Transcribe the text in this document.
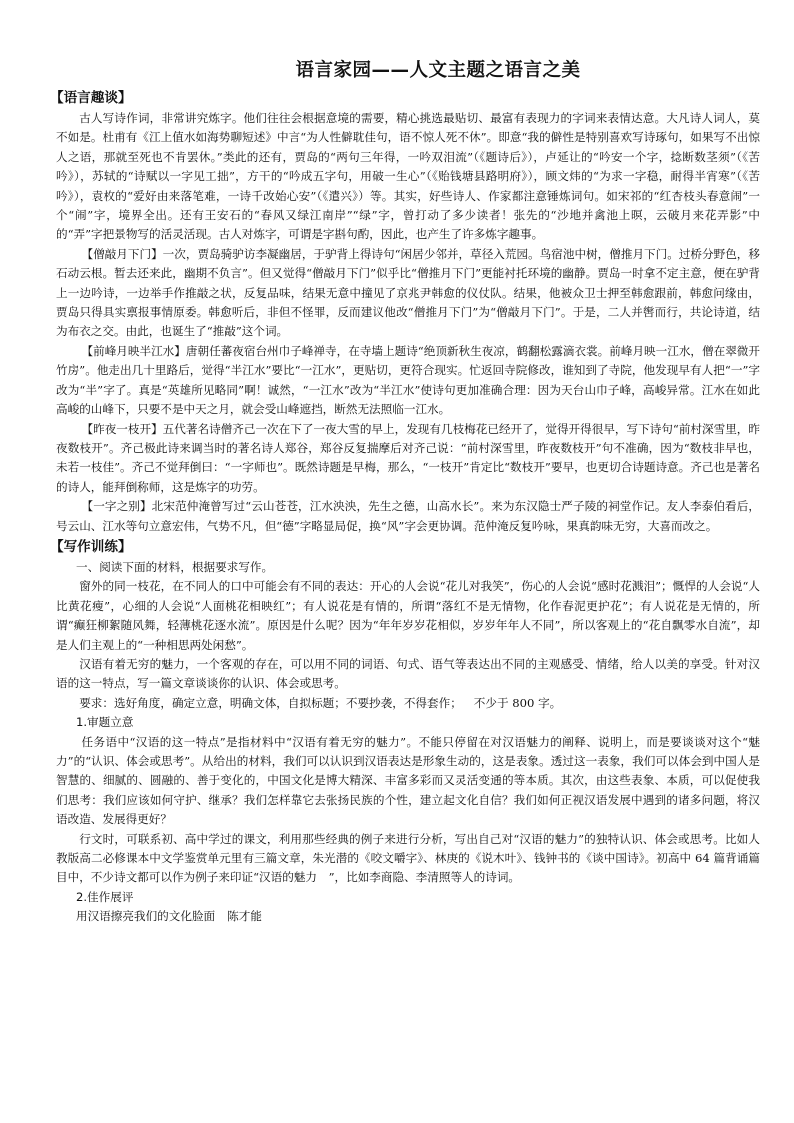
语言家园——人文主题之语言之美
【语言趣谈】

古人写诗作词，非常讲究炼字。他们往往会根据意境的需要，精心挑选最贴切、最富有表现力的字词来表情达意。大凡诗人词人，莫不如是。杜甫有《江上值水如海势聊短述》中言“为人性僻耽佳句，语不惊人死不休”。即意“我的僻性是特别喜欢写诗琢句，如果写不出惊人之语，那就至死也不肯罢休。”类此的还有，贾岛的“两句三年得，一吟双泪流”（《题诗后》），卢延让的“吟安一个字，捻断数茎须”（《苦吟》），苏轼的“诗赋以一字见工拙”，方干的“吟成五字句，用破一生心”（《贻钱塘县路明府》），顾文炜的“为求一字稳，耐得半宵寒”（《苦吟》），袁枚的“爱好由来落笔难，一诗千改始心安”（《遣兴》）等。其实，好些诗人、作家都注意锤炼词句。如宋祁的“红杏枝头春意闹”一个“闹”字，境界全出。还有王安石的“春风又绿江南岸”“绿”字，曾打动了多少读者！张先的“沙地并禽池上暝，云破月来花弄影”中的“弄”字把景物写的活灵活现。古人对炼字，可谓是字斟句酌，因此，也产生了许多炼字趣事。

【僧敲月下门】一次，贾岛骑驴访李凝幽居，于驴背上得诗句“闲居少邻并，草径入荒园。鸟宿池中树，僧推月下门。过桥分野色，移石动云根。暂去还来此，幽期不负言”。但又觉得“僧敲月下门”似乎比“僧推月下门”更能衬托环境的幽静。贾岛一时拿不定主意，便在驴背上一边吟诗，一边举手作推敲之状，反复品味，结果无意中撞见了京兆尹韩愈的仪仗队。结果，他被众卫士押至韩愈跟前，韩愈问缘由，贾岛只得具实禀报事情原委。韩愈听后，非但不怪罪，反而建议他改“僧推月下门”为“僧敲月下门”。于是，二人并辔而行，共论诗道，结为布衣之交。由此，也诞生了“推敲”这个词。

【前峰月映半江水】唐朝任蕃夜宿台州巾子峰禅寺，在寺墙上题诗“绝顶新秋生夜凉，鹤翻松露滴衣裳。前峰月映一江水，僧在翠微开竹房”。他走出几十里路后，觉得“半江水”要比“一江水”，更贴切，更符合现实。忙返回寺院修改，谁知到了寺院，他发现早有人把“一”字改为“半”字了。真是“英雄所见略同”啊！诚然，“一江水”改为“半江水”使诗句更加准确合理：因为天台山巾子峰，高峻异常。江水在如此高峻的山峰下，只要不是中天之月，就会受山峰遮挡，断然无法照临一江水。

【昨夜一枝开】五代著名诗僧齐己一次在下了一夜大雪的早上，发现有几枝梅花已经开了，觉得开得很早，写下诗句“前村深雪里，昨夜数枝开”。齐己极此诗来调当时的著名诗人郑谷，郑谷反复揣摩后对齐己说：“前村深雪里，昨夜数枝开”句不准确，因为“数枝非早也，未若一枝佳”。齐己不觉拜倒曰：“一字师也”。既然诗题是早梅，那么，“一枝开”肯定比“数枝开”要早，也更切合诗题诗意。齐己也是著名的诗人，能拜倒称师，这是炼字的功劳。

【一字之别】北宋范仲淹曾写过“云山苍苍，江水泱泱，先生之德，山高水长”。来为东汉隐士严子陵的祠堂作记。友人李泰伯看后，号云山、江水等句立意宏伟，气势不凡，但“德”字略显局促，换“风”字会更协调。范仲淹反复吟咏，果真韵味无穷，大喜而改之。

【写作训练】

一、阅读下面的材料，根据要求写作。

窗外的同一枝花，在不同人的口中可能会有不同的表达：开心的人会说“花儿对我笑”，伤心的人会说“感时花溅泪”；慨悍的人会说“人比黄花瘦”，心细的人会说“人面桃花相映红”；有人说花是有情的，所谓“落红不是无情物，化作春泥更护花”；有人说花是无情的，所谓“癫狂柳絮随风舞，轻薄桃花逐水流”。原因是什么呢？因为“年年岁岁花相似，岁岁年年人不同”，所以客观上的“花自飘零水自流”，却是人们主观上的“一种相思两处闲愁”。

汉语有着无穷的魅力，一个客观的存在，可以用不同的词语、句式、语气等表达出不同的主观感受、情绪，给人以美的享受。针对汉语的这一特点，写一篇文章谈谈你的认识、体会或思考。

要求：选好角度，确定立意，明确文体，自拟标题；不要抄袭，不得套作； 不少于 800 字。

1.审题立意

任务语中“汉语的这一特点”是指材料中“汉语有着无穷的魅力”。不能只停留在对汉语魅力的阐释、说明上，而是要谈谈对这个“魅力”的“认识、体会或思考”。从给出的材料，我们可以认识到汉语表达是形象生动的，这是表象。透过这一表象，我们可以体会到中国人是智慧的、细腻的、圆融的、善于变化的，中国文化是博大精深、丰富多彩而又灵活变通的等本质。其次，由这些表象、本质，可以促使我们思考：我们应该如何守护、继承？我们怎样靠它去张扬民族的个性，建立起文化自信？我们如何正视汉语发展中遇到的诸多问题，将汉语改造、发展得更好？

行文时，可联系初、高中学过的课文，利用那些经典的例子来进行分析，写出自己对“汉语的魅力”的独特认识、体会或思考。比如人教版高二必修课本中文学鉴赏单元里有三篇文章，朱光潜的《咬文嚼字》、林庚的《说木叶》、钱钟书的《谈中国诗》。初高中 64 篇背诵篇目中，不少诗文都可以作为例子来印证“汉语的魅力　”，比如李商隐、李清照等人的诗词。

2.佳作展评

用汉语擦亮我们的文化脸面 陈才能
